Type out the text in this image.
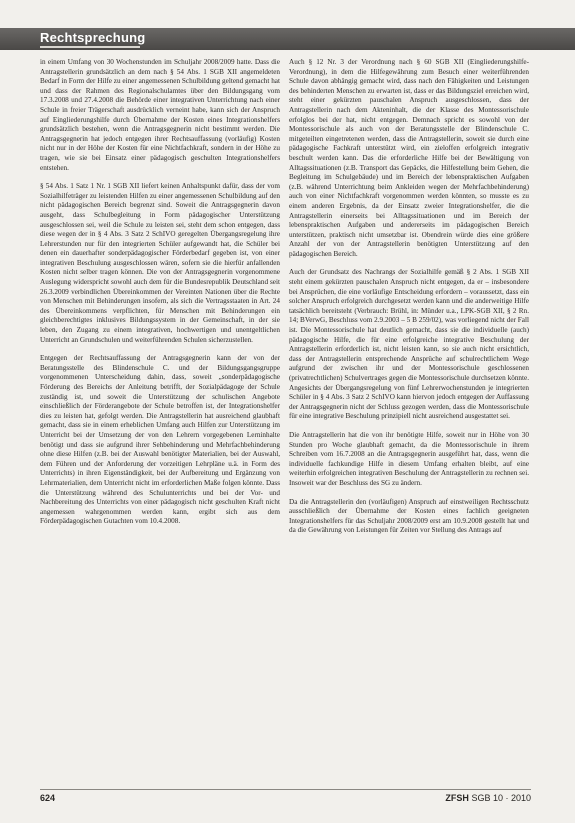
Rechtsprechung

in einem Umfang von 30 Wochenstunden im Schuljahr 2008/2009 hatte. Dass die Antragstellerin grundsätzlich an dem nach § 54 Abs. 1 SGB XII angemeldeten Bedarf in Form der Hilfe zu einer angemessenen Schulbildung geltend gemacht hat und dass der Rahmen des Regionalschulamtes über den Bildungsgang vom 17.3.2008 und 27.4.2008 die Behörde einer integrativen Unterrichtung nach einer Schule in freier Trägerschaft ausdrücklich verneint habe, kann sich der Anspruch auf Eingliederungshilfe durch Übernahme der Kosten eines Integrationshelfers grundsätzlich bestehen, wenn die Antragsgegnerin nicht bestimmt werden. Die Antragsgegnerin hat jedoch entgegen ihrer Rechtsauffassung (vorläufig) Kosten nicht nur in der Höhe der Kosten für eine Nichtfachkraft, sondern in der Höhe zu tragen, wie sie bei Einsatz einer pädagogisch geschulten Integrationshelfers entstehen.

§ 54 Abs. 1 Satz 1 Nr. 1 SGB XII liefert keinen Anhaltspunkt dafür, dass der vom Sozialhilfeträger zu leistenden Hilfen zu einer angemessenen Schulbildung auf den nicht pädagogischen Bereich begrenzt sind. Soweit die Antragsgegnerin davon ausgeht, dass Schulbegleitung in Form pädagogischer Unterstützung ausgeschlossen sei, weil die Schule zu leisten sei, steht dem schon entgegen, dass diese wegen der in § 4 Abs. 3 Satz 2 SchIVO geregelten Übergangsregelung ihre Lehrerstunden nur für den integrierten Schüler aufgewandt hat, die Schüler bei denen ein dauerhafter sonderpädagogischer Förderbedarf gegeben ist, von einer integrativen Beschulung ausgeschlossen wären, sofern sie die hierfür anfallenden Kosten nicht selber tragen können. Die von der Antragsgegnerin vorgenommene Auslegung widerspricht sowohl auch dem für die Bundesrepublik Deutschland seit 26.3.2009 verbindlichen Übereinkommen der Vereinten Nationen über die Rechte von Menschen mit Behinderungen insofern, als sich die Vertragsstaaten in Art. 24 des Übereinkommens verpflichten, für Menschen mit Behinderungen ein gleichberechtigtes inklusives Bildungssystem in der Gemeinschaft, in der sie leben, den Zugang zu einem integrativen, hochwertigen und unentgeltlichen Unterricht an Grundschulen und weiterführenden Schulen sicherzustellen.

Entgegen der Rechtsauffassung der Antragsgegnerin kann der von der Beratungsstelle des Blindenschule C. und der Bildungsgangsgruppe vorgenommenen Unterscheidung dahin, dass, soweit „sonderpädagogische Förderung des Bereichs der Anleitung betrifft, der Sozialpädagoge der Schule zuständig ist, und soweit die Unterstützung der schulischen Angebote einschließlich der Förderangebote der Schule betroffen ist, der Integrationshelfer dies zu leisten hat, gefolgt werden. Die Antragstellerin hat ausreichend glaubhaft gemacht, dass sie in einem erheblichen Umfang auch Hilfen zur Unterstützung im Unterricht bei der Umsetzung der von den Lehrern vorgegebenen Lerninhalte benötigt und dass sie aufgrund ihrer Sehbehinderung und Mehrfachbehinderung ohne diese Hilfen (z.B. bei der Auswahl benötigter Materialien, bei der Auswahl, dem Führen und der Anforderung der vorzeitigen Lehrpläne u.ä. in Form des Unterrichts) in ihren Eigenständigkeit, bei der Aufbereitung und Ergänzung von Lehrmaterialien, dem Unterricht nicht im erforderlichen Maße folgen könnte. Dass die Unterstützung während des Schulunterrichts und bei der Vor- und Nachbereitung des Unterrichts von einer pädagogisch nicht geschulten Kraft nicht angemessen wahrgenommen werden kann, ergibt sich aus dem Förderpädagogischen Gutachten vom 10.4.2008.

Auch § 12 Nr. 3 der Verordnung nach § 60 SGB XII (Eingliederungshilfe-Verordnung), in dem die Hilfegewährung zum Besuch einer weiterführenden Schule davon abhängig gemacht wird, dass nach den Fähigkeiten und Leistungen des behinderten Menschen zu erwarten ist, dass er das Bildungsziel erreichen wird, steht einer gekürzten pauschalen Anspruch ausgeschlossen, dass der Antragstellerin nach dem Akteninhalt, die der Klasse des Montessorischule erfolglos bei der hat, nicht entgegen. Demnach spricht es sowohl von der Montessorischule als auch von der Beratungsstelle der Blindenschule C. mitgeteilten eingetretenen werden, dass die Antragstellerin, soweit sie durch eine pädagogische Fachkraft unterstützt wird, ein zieloffen erfolgreich integrativ beschult werden kann. Das die erforderliche Hilfe bei der Bewältigung von Alltagssituationen (z.B. Transport das Gepäcks, die Hilfestellung beim Gehen, die Begleitung im Schulgebäude) und im Bereich der lebenspraktischen Aufgaben (z.B. während Unterrichtung beim Ankleiden wegen der Mehrfachbehinderung) auch von einer Nichtfachkraft vorgenommen werden könnten, so musste es zu einem anderen Ergebnis, da der Einsatz zweier Integrationshelfer, die die Antragstellerin einerseits bei Alltagssituationen und im Bereich der lebenspraktischen Aufgaben und andererseits im pädagogischen Bereich unterstützen, praktisch nicht umsetzbar ist. Obendrein würde dies eine größere Anzahl der von der Antragstellerin benötigten Unterstützung auf den pädagogischen Bereich.

Auch der Grundsatz des Nachrangs der Sozialhilfe gemäß § 2 Abs. 1 SGB XII steht einem gekürzten pauschalen Anspruch nicht entgegen, da er – insbesondere bei Ansprüchen, die eine vorläufige Entscheidung erfordern – voraussetzt, dass ein solcher Anspruch erfolgreich durchgesetzt werden kann und die anderweitige Hilfe tatsächlich bereitsteht (Verbrauch: Brühl, in: Münder u.a., LPK-SGB XII, § 2 Rn. 14; BVerwG, Beschluss vom 2.9.2003 – 5 B 259/02), was vorliegend nicht der Fall ist. Die Montessorischule hat deutlich gemacht, dass sie die individuelle (auch) pädagogische Hilfe, die für eine erfolgreiche integrative Beschulung der Antragstellerin erforderlich ist, nicht leisten kann, so sie auch nicht ersichtlich, dass der Antragstellerin entsprechende Ansprüche auf schulrechtlichem Wege aufgrund der zwischen ihr und der Montessorischule geschlossenen (privatrechtlichen) Schulvertrages gegen die Montessorischule durchsetzen könnte. Angesichts der Übergangsregelung von fünf Lehrerwochenstunden je integrierten Schüler in § 4 Abs. 3 Satz 2 SchIVO kann hiervon jedoch entgegen der Auffassung der Antragsgegnerin nicht der Schluss gezogen werden, dass die Montessorischule für eine integrative Beschulung prinzipiell nicht ausreichend ausgestattet sei.

Die Antragstellerin hat die von ihr benötigte Hilfe, soweit nur in Höhe von 30 Stunden pro Woche glaubhaft gemacht, da die Montessorischule in ihrem Schreiben vom 16.7.2008 an die Antragsgegnerin ausgeführt hat, dass, wenn die individuelle fachkundige Hilfe in diesem Umfang erhalten bleibt, auf eine weiterhin erfolgreichen integrativen Beschulung der Antragstellerin zu rechnen sei. Insoweit war der Beschluss des SG zu ändern.

Da die Antragstellerin den (vorläufigen) Anspruch auf einstweiligen Rechtsschutz ausschließlich der Übernahme der Kosten eines fachlich geeigneten Integrationshelfers für das Schuljahr 2008/2009 erst am 10.9.2008 gestellt hat und da die Gewährung von Leistungen für Zeiten vor Stellung des Antrags auf

624	ZFSH SGB 10 · 2010
